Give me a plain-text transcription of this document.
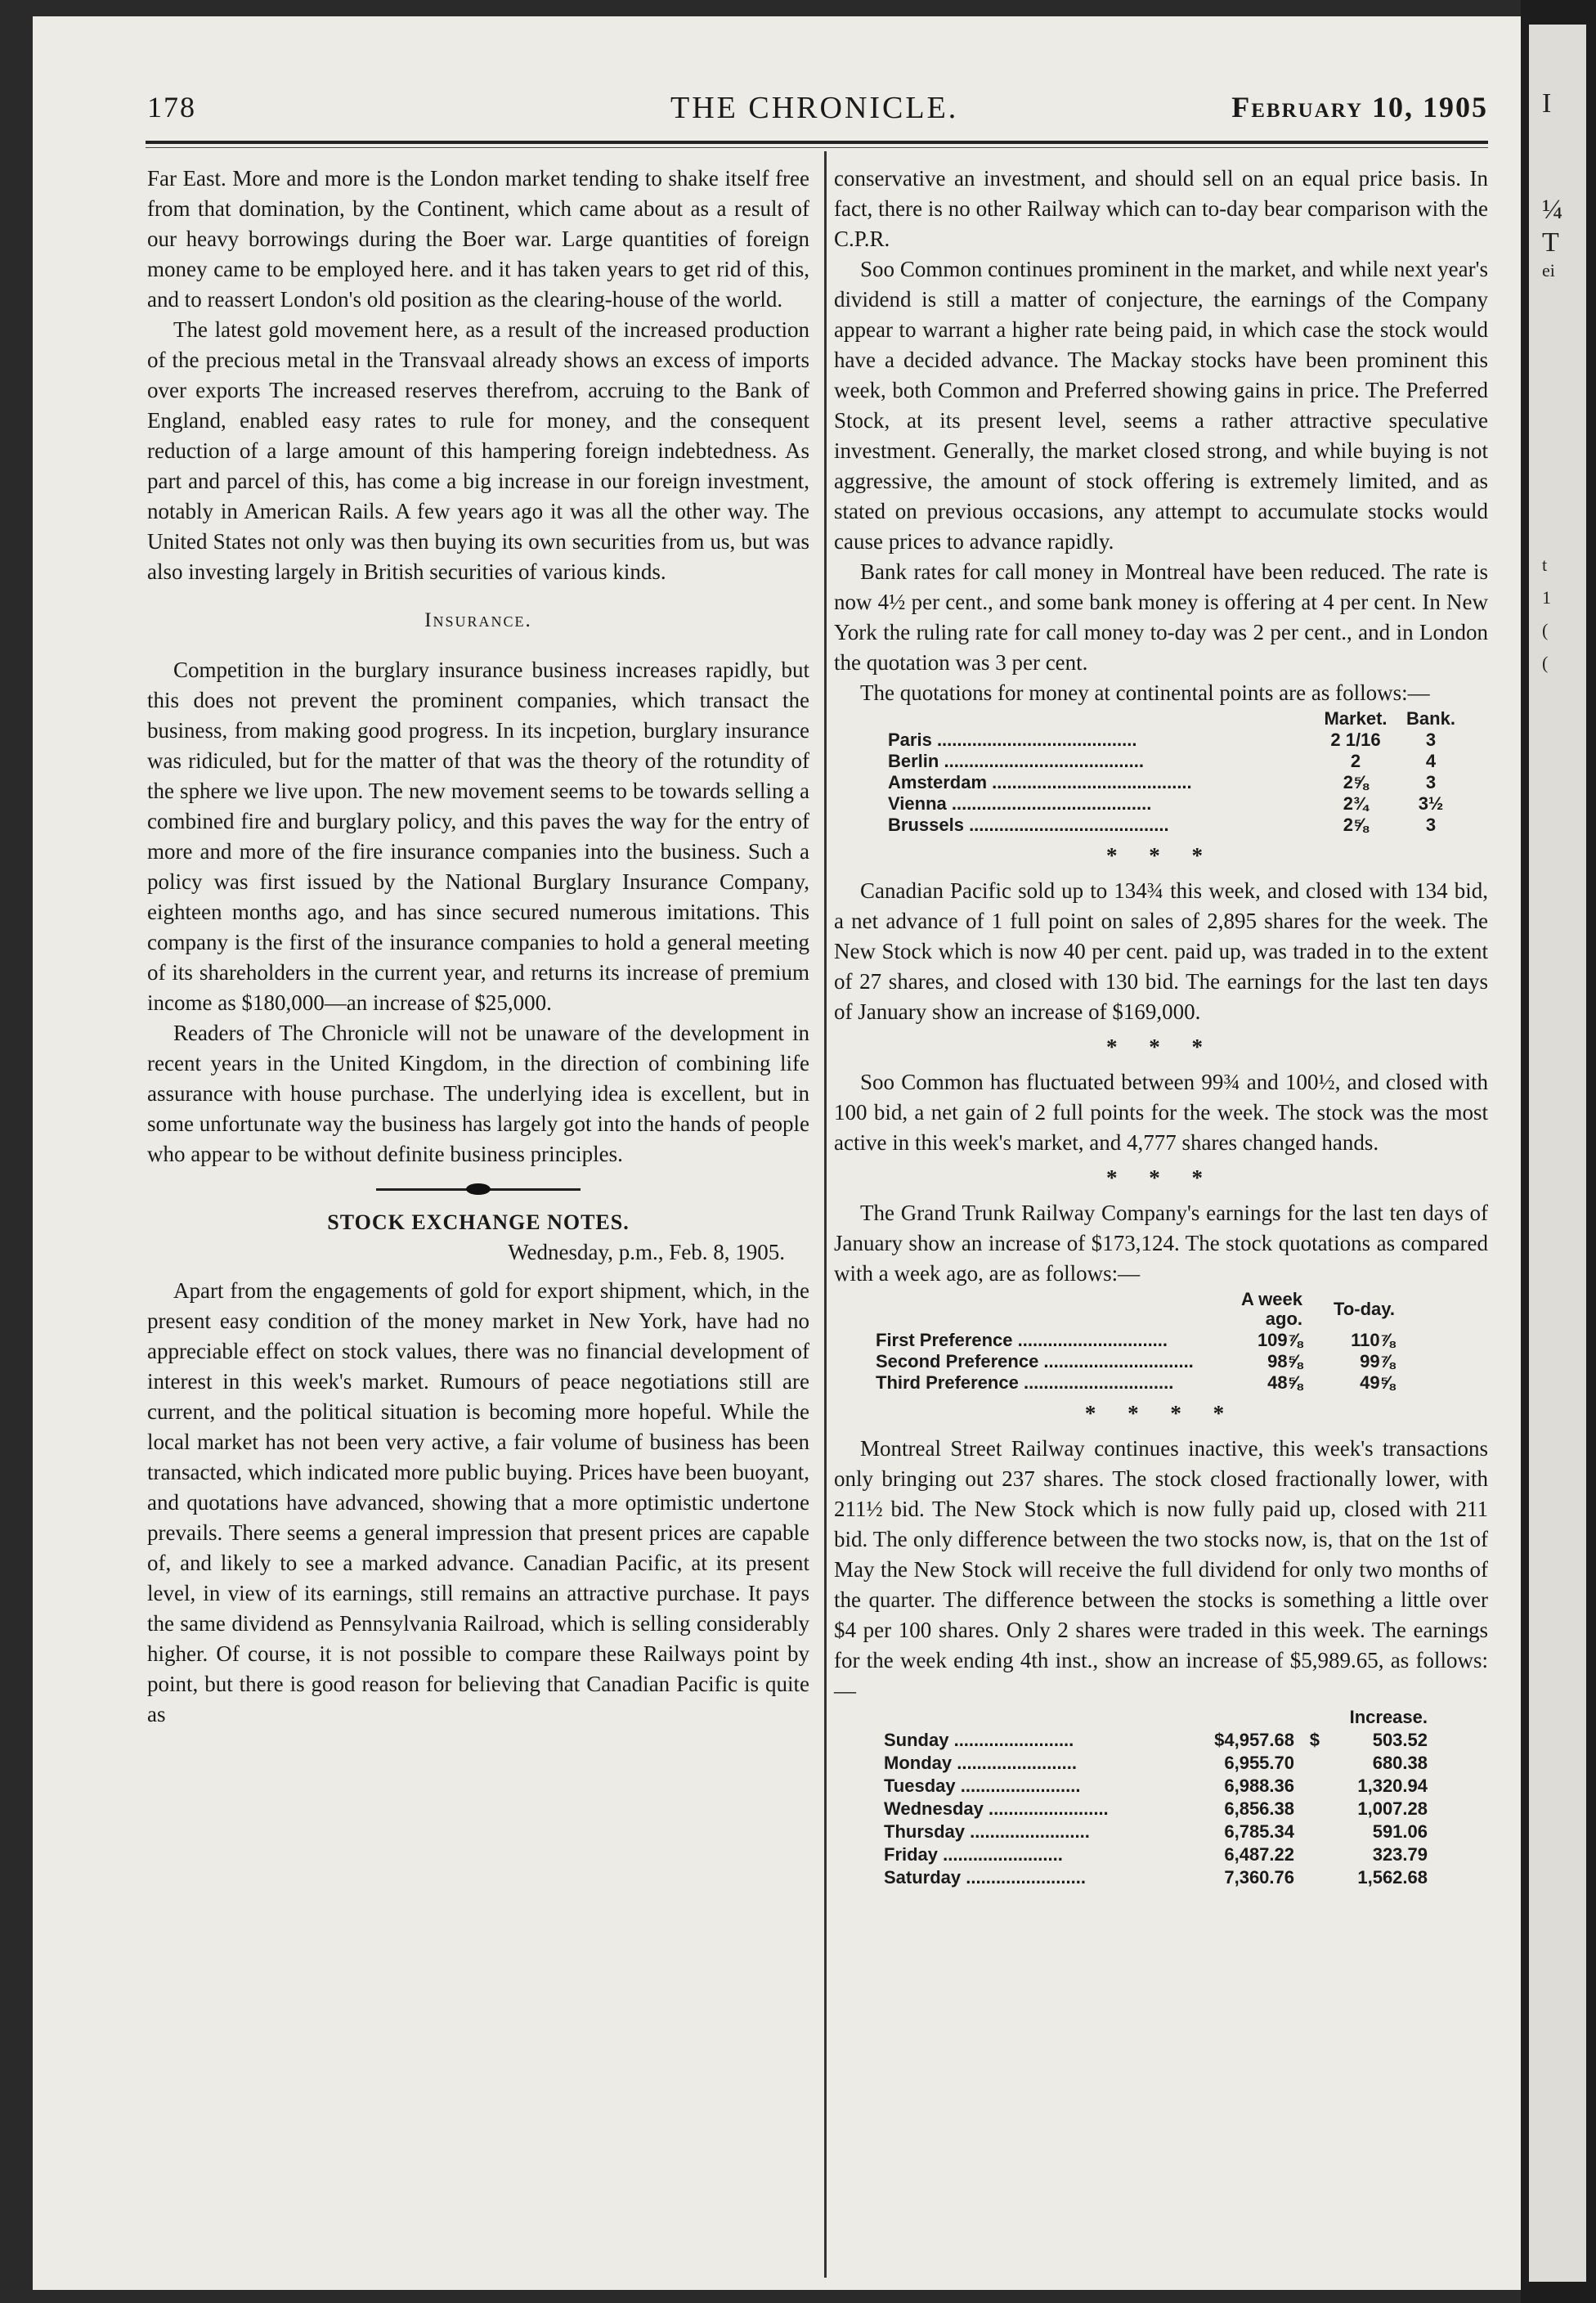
I
¼
T
ei
t
1
(
(
178	THE CHRONICLE.	February 10, 1905

Far East. More and more is the London market tending to shake itself free from that domination, by the Continent, which came about as a result of our heavy borrowings during the Boer war. Large quantities of foreign money came to be employed here. and it has taken years to get rid of this, and to reassert London's old position as the clearing-house of the world.

The latest gold movement here, as a result of the increased production of the precious metal in the Transvaal already shows an excess of imports over exports The increased reserves therefrom, accruing to the Bank of England, enabled easy rates to rule for money, and the consequent reduction of a large amount of this hampering foreign indebtedness. As part and parcel of this, has come a big increase in our foreign investment, notably in American Rails. A few years ago it was all the other way. The United States not only was then buying its own securities from us, but was also investing largely in British securities of various kinds.

Insurance.

Competition in the burglary insurance business increases rapidly, but this does not prevent the prominent companies, which transact the business, from making good progress. In its incpetion, burglary insurance was ridiculed, but for the matter of that was the theory of the rotundity of the sphere we live upon. The new movement seems to be towards selling a combined fire and burglary policy, and this paves the way for the entry of more and more of the fire insurance companies into the business. Such a policy was first issued by the National Burglary Insurance Company, eighteen months ago, and has since secured numerous imitations. This company is the first of the insurance companies to hold a general meeting of its shareholders in the current year, and returns its increase of premium income as $180,000—an increase of $25,000.

Readers of The Chronicle will not be unaware of the development in recent years in the United Kingdom, in the direction of combining life assurance with house purchase. The underlying idea is excellent, but in some unfortunate way the business has largely got into the hands of people who appear to be without definite business principles.

STOCK EXCHANGE NOTES.
Wednesday, p.m., Feb. 8, 1905.

Apart from the engagements of gold for export shipment, which, in the present easy condition of the money market in New York, have had no appreciable effect on stock values, there was no financial development of interest in this week's market. Rumours of peace negotiations still are current, and the political situation is becoming more hopeful. While the local market has not been very active, a fair volume of business has been transacted, which indicated more public buying. Prices have been buoyant, and quotations have advanced, showing that a more optimistic undertone prevails. There seems a general impression that present prices are capable of, and likely to see a marked advance. Canadian Pacific, at its present level, in view of its earnings, still remains an attractive purchase. It pays the same dividend as Pennsylvania Railroad, which is selling considerably higher. Of course, it is not possible to compare these Railways point by point, but there is good reason for believing that Canadian Pacific is quite as

conservative an investment, and should sell on an equal price basis. In fact, there is no other Railway which can to-day bear comparison with the C.P.R.

Soo Common continues prominent in the market, and while next year's dividend is still a matter of conjecture, the earnings of the Company appear to warrant a higher rate being paid, in which case the stock would have a decided advance. The Mackay stocks have been prominent this week, both Common and Preferred showing gains in price. The Preferred Stock, at its present level, seems a rather attractive speculative investment. Generally, the market closed strong, and while buying is not aggressive, the amount of stock offering is extremely limited, and as stated on previous occasions, any attempt to accumulate stocks would cause prices to advance rapidly.

Bank rates for call money in Montreal have been reduced. The rate is now 4½ per cent., and some bank money is offering at 4 per cent. In New York the ruling rate for call money to-day was 2 per cent., and in London the quotation was 3 per cent.

The quotations for money at continental points are as follows:—

	Market.	Bank.
Paris ........................................	2 1/16	3
Berlin ........................................	2	4
Amsterdam ........................................	2⅝	3
Vienna ........................................	2¾	3½
Brussels ........................................	2⅝	3
* * *

Canadian Pacific sold up to 134¾ this week, and closed with 134 bid, a net advance of 1 full point on sales of 2,895 shares for the week. The New Stock which is now 40 per cent. paid up, was traded in to the extent of 27 shares, and closed with 130 bid. The earnings for the last ten days of January show an increase of $169,000.

* * *

Soo Common has fluctuated between 99¾ and 100½, and closed with 100 bid, a net gain of 2 full points for the week. The stock was the most active in this week's market, and 4,777 shares changed hands.

* * *

The Grand Trunk Railway Company's earnings for the last ten days of January show an increase of $173,124. The stock quotations as compared with a week ago, are as follows:—

	A week ago.	To-day.
First Preference ..............................	109⅞	110⅞
Second Preference ..............................	98⅝	99⅞
Third Preference ..............................	48⅝	49⅝
* * * *

Montreal Street Railway continues inactive, this week's transactions only bringing out 237 shares. The stock closed fractionally lower, with 211½ bid. The New Stock which is now fully paid up, closed with 211 bid. The only difference between the two stocks now, is, that on the 1st of May the New Stock will receive the full dividend for only two months of the quarter. The difference between the stocks is something a little over $4 per 100 shares. Only 2 shares were traded in this week. The earnings for the week ending 4th inst., show an increase of $5,989.65, as follows:—

			Increase.
Sunday ........................	$4,957.68	$	503.52
Monday ........................	6,955.70		680.38
Tuesday ........................	6,988.36		1,320.94
Wednesday ........................	6,856.38		1,007.28
Thursday ........................	6,785.34		591.06
Friday ........................	6,487.22		323.79
Saturday ........................	7,360.76		1,562.68
